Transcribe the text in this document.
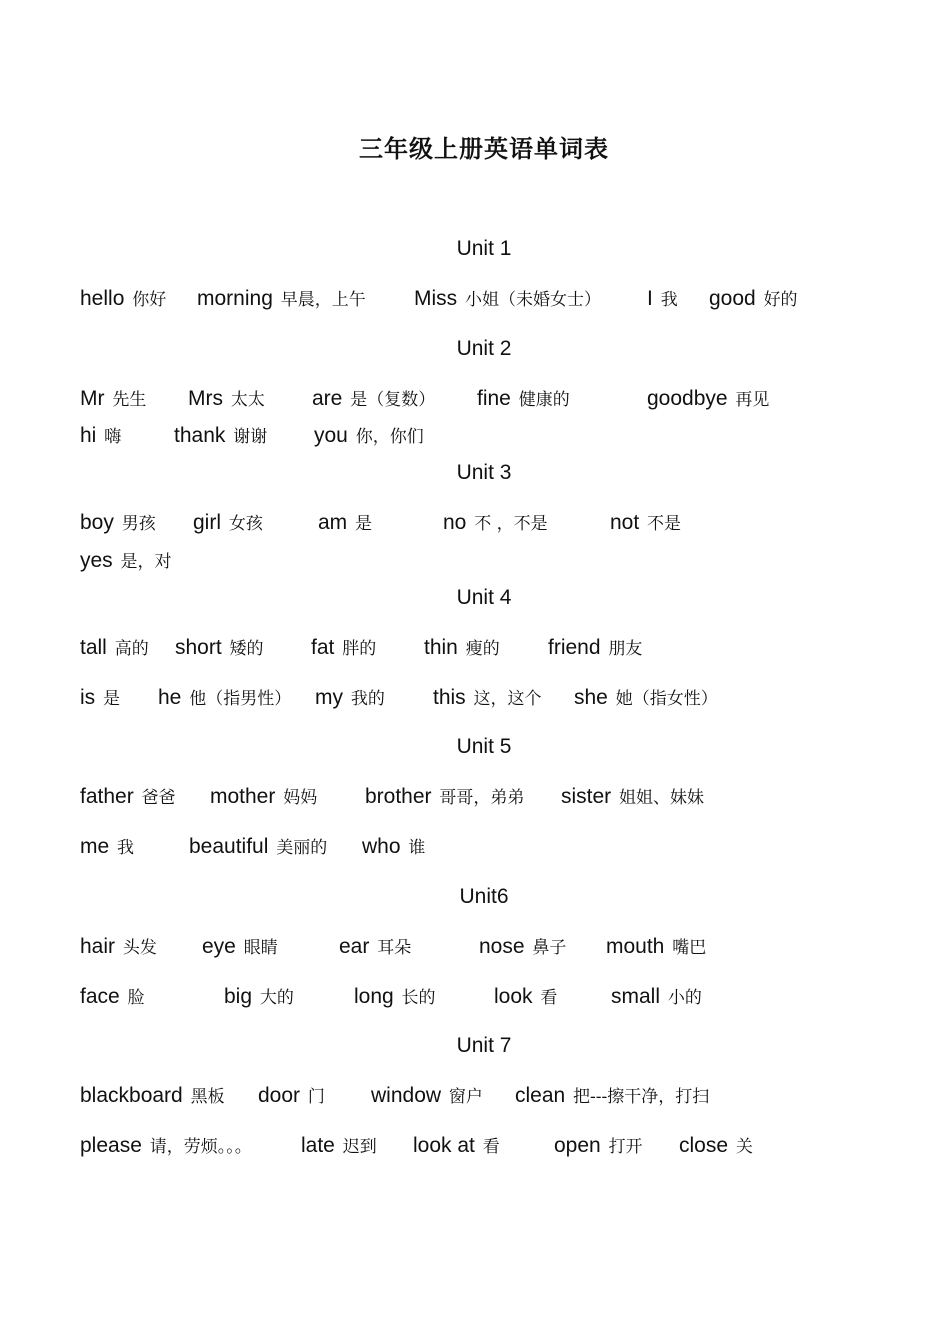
三年级上册英语单词表
Unit 1
hello 你好 morning 早晨，上午 Miss 小姐（未婚女士） I 我 good 好的
Unit 2
Mr 先生 Mrs 太太 are 是（复数） fine 健康的	goodbye 再见
hi 嗨	thank 谢谢 you 你，你们
Unit 3
boy 男孩 girl 女孩	am 是	no 不 ，不是	not 不是
yes 是，对
Unit 4
tall 高的 short 矮的 fat 胖的 thin 瘦的 friend 朋友
is 是 he 他（指男性） my 我的 this 这，这个 she 她（指女性）
Unit 5
father 爸爸 mother 妈妈 brother 哥哥，弟弟 sister 姐姐、妹妹
me 我	beautiful 美丽的 who 谁
Unit6
hair 头发 eye 眼睛	ear 耳朵	nose 鼻子 mouth 嘴巴
face 脸	big 大的	long 长的	look 看	small 小的
Unit 7
blackboard 黑板 door 门 window 窗户 clean 把---擦干净，打扫
please 请，劳烦。。。 late 迟到 look at 看	open 打开 close 关
